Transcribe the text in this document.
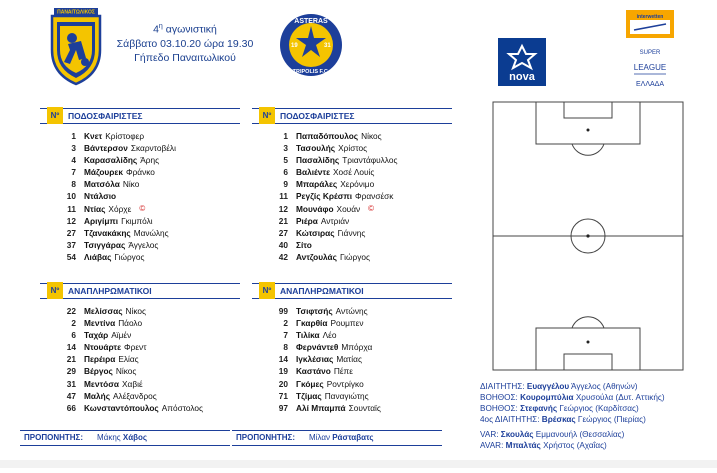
ΠΑΝΑΙΤΩΛΙΚΟΣ
$4^\eta$ αγωνιστική
Σάββατο 03.10.20 ώρα 19.30
Γήπεδο Παναιτωλικού
19	31
ASTERAS
TRIPOLIS F.C.	nova
interwetten
SUPER
LEAGUE
ΕΛΛΑΔΑ
Nº	ΠΟΔΟΣΦΑΙΡΙΣΤΕΣ
1 Κνετ Κρίστοφερ
3 Βάντερσον Σκαρντοβέλι
4 Καρασαλίδης Άρης
7 Μάζουρεκ Φράνκο
8 Ματσόλα Νίκο
10 Ντάλσιο
11 Ντίας Χόρχε ©
12 Αριγίμπι Γκιμπόλι
27 Τζανακάκης Μανώλης
37 Τσιγγάρας Άγγελος
54 Λιάβας Γιώργος
Nº	ΑΝΑΠΛΗΡΩΜΑΤΙΚΟΙ
22 Μελίσσας Νίκος
2 Μεντίνα Πάολο
6 Ταχάρ Αϊμέν
14 Ντουάρτε Φρεντ
21 Περέιρα Ελίας
29 Βέργος Νίκος
31 Μεντόσα Χαβιέ
47 Μαλής Αλέξανδρος
66 Κωνσταντόπουλος Απόστολος
ΠΡΟΠΟΝΗΤΗΣ: Μάκης Χάβος
Nº	ΠΟΔΟΣΦΑΙΡΙΣΤΕΣ
1 Παπαδόπουλος Νίκος
3 Τασουλής Χρίστος
5 Πασαλίδης Τριαντάφυλλος
6 Βαλιέντε Χοσέ Λουίς
9 Μπαράλες Χερόνιμο
11 Ρεγζίς Κρέσπι Φρανσέσκ
12 Μουνάφο Χουάν ©
21 Ριέρα Αντριάν
27 Κώτσιρας Γιάννης
40 Σίτο
42 Αντζουλάς Γιώργος
Nº	ΑΝΑΠΛΗΡΩΜΑΤΙΚΟΙ
99 Τσιφτσής Αντώνης
2 Γκαρθία Ρουμπεν
7 Τιλίκα Λέο
8 Φερνάντεθ Μπόρχα
14 Ιγκλέσιας Ματίας
19 Καστάνο Πέπε
20 Γκόμες Ροντρίγκο
71 Τζίμας Παναγιώτης
97 Αλί Μπαμπά Σουνταϊς
ΠΡΟΠΟΝΗΤΗΣ: Μίλαν Ράσταβατς
ΔΙΑΙΤΗΤΗΣ: Ευαγγέλου Άγγελος (Αθηνών)
ΒΟΗΘΟΣ: Κουρομπύλια Χρυσούλα (Δυτ. Αττικής)
ΒΟΗΘΟΣ: Στεφανής Γεώργιος (Καρδίτσας)
4ος ΔΙΑΙΤΗΤΗΣ: Βρέσκας Γεώργιος (Πιερίας)
VAR: Σκουλάς Εμμανουήλ (Θεσσαλίας)
AVAR: Μπαλτάς Χρήστος (Αχαΐας)
